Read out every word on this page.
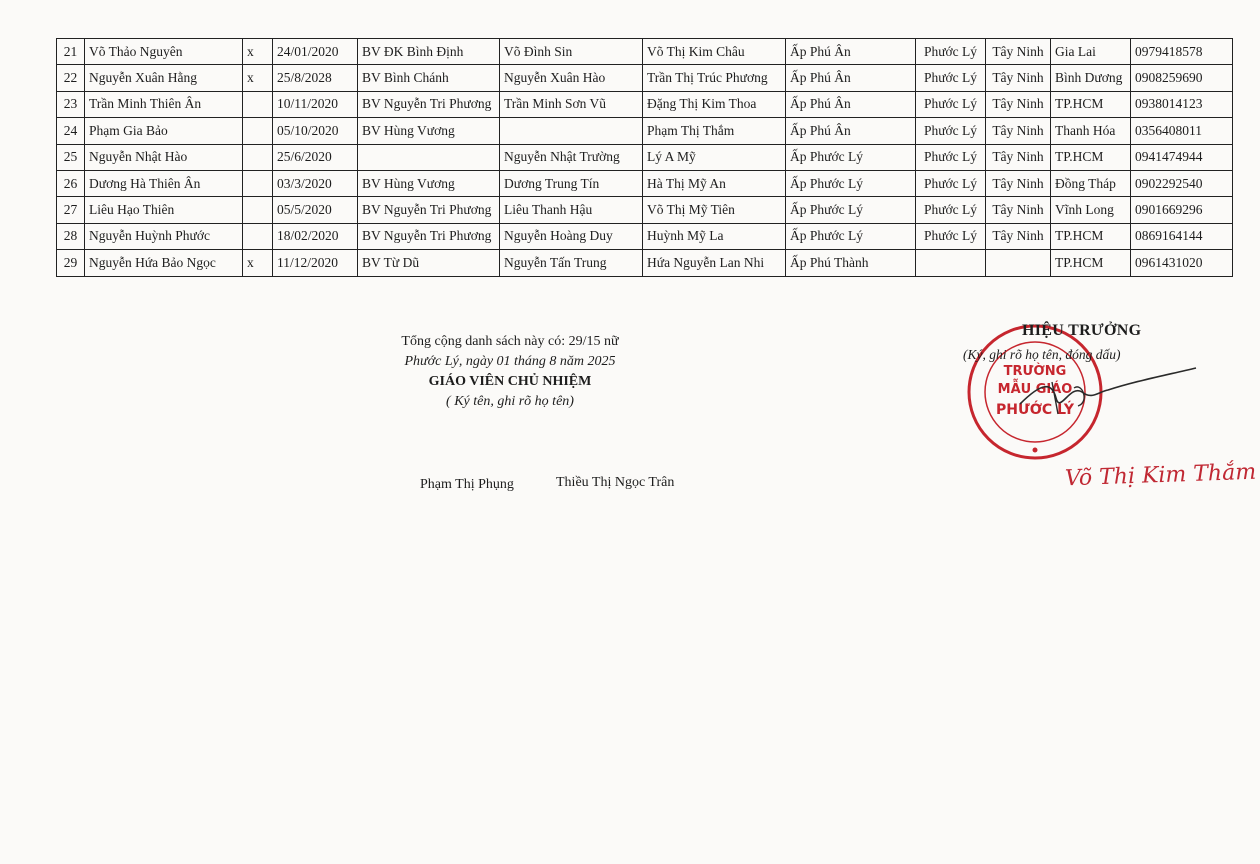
21	Võ Thảo Nguyên	x	24/01/2020	BV ĐK Bình Định	Võ Đình Sin	Võ Thị Kim Châu	Ấp Phú Ân	Phước Lý	Tây Ninh	Gia Lai	0979418578
22	Nguyễn Xuân Hằng	x	25/8/2028	BV Bình Chánh	Nguyễn Xuân Hào	Trần Thị Trúc Phương	Ấp Phú Ân	Phước Lý	Tây Ninh	Bình Dương	0908259690
23	Trần Minh Thiên Ân		10/11/2020	BV Nguyễn Tri Phương	Trần Minh Sơn Vũ	Đặng Thị Kim Thoa	Ấp Phú Ân	Phước Lý	Tây Ninh	TP.HCM	0938014123
24	Phạm Gia Bảo		05/10/2020	BV Hùng Vương		Phạm Thị Thắm	Ấp Phú Ân	Phước Lý	Tây Ninh	Thanh Hóa	0356408011
25	Nguyễn Nhật Hào		25/6/2020		Nguyễn Nhật Trường	Lý A Mỹ	Ấp Phước Lý	Phước Lý	Tây Ninh	TP.HCM	0941474944
26	Dương Hà Thiên Ân		03/3/2020	BV Hùng Vương	Dương Trung Tín	Hà Thị Mỹ An	Ấp Phước Lý	Phước Lý	Tây Ninh	Đồng Tháp	0902292540
27	Liêu Hạo Thiên		05/5/2020	BV Nguyễn Tri Phương	Liêu Thanh Hậu	Võ Thị Mỹ Tiên	Ấp Phước Lý	Phước Lý	Tây Ninh	Vĩnh Long	0901669296
28	Nguyễn Huỳnh Phước		18/02/2020	BV Nguyễn Tri Phương	Nguyễn Hoàng Duy	Huỳnh Mỹ La	Ấp Phước Lý	Phước Lý	Tây Ninh	TP.HCM	0869164144
29	Nguyễn Hứa Bảo Ngọc	x	11/12/2020	BV Từ Dũ	Nguyễn Tấn Trung	Hứa Nguyễn Lan Nhi	Ấp Phú Thành			TP.HCM	0961431020
Tổng cộng danh sách này có: 29/15 nữ
Phước Lý, ngày 01 tháng 8 năm 2025
GIÁO VIÊN CHỦ NHIỆM
( Ký tên, ghi rõ họ tên)
Phạm Thị Phụng	Thiều Thị Ngọc Trân
TRƯỜNG
MẪU GIÁO
PHƯỚC LÝ
HIỆU TRƯỞNG
(Ký, ghi rõ họ tên, đóng dấu)
Võ Thị Kim Thắm
